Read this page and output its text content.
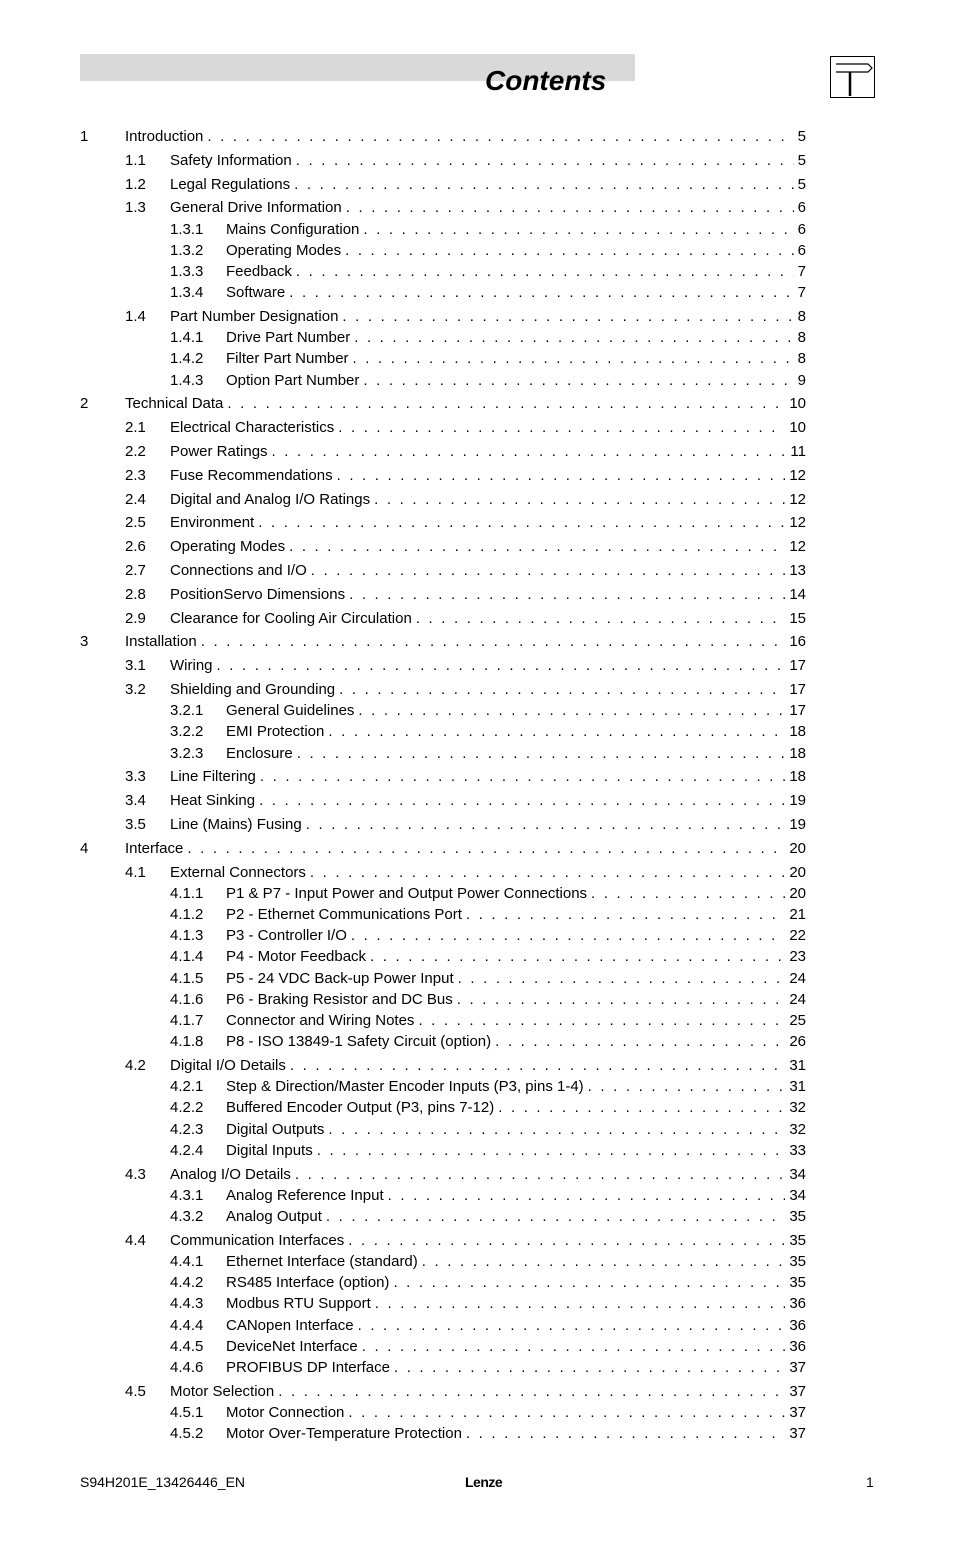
Contents
1 Introduction . . .	5
1.1 Safety Information . . .	5
1.2 Legal Regulations . . .	5
1.3 General Drive Information . . .	6
1.3.1 Mains Configuration . . .	6
1.3.2 Operating Modes . . .	6
1.3.3 Feedback . . .	7
1.3.4 Software . . .	7
1.4 Part Number Designation . . .	8
1.4.1 Drive Part Number . . .	8
1.4.2 Filter Part Number . . .	8
1.4.3 Option Part Number . . .	9
2 Technical Data . . .	10
2.1 Electrical Characteristics . . .	10
2.2 Power Ratings . . .	11
2.3 Fuse Recommendations . . .	12
2.4 Digital and Analog I/O Ratings . . .	12
2.5 Environment . . .	12
2.6 Operating Modes . . .	12
2.7 Connections and I/O . . .	13
2.8 PositionServo Dimensions . . .	14
2.9 Clearance for Cooling Air Circulation . . .	15
3 Installation . . .	16
3.1 Wiring . . .	17
3.2 Shielding and Grounding . . .	17
3.2.1 General Guidelines . . .	17
3.2.2 EMI Protection . . .	18
3.2.3 Enclosure . . .	18
3.3 Line Filtering . . .	18
3.4 Heat Sinking . . .	19
3.5 Line (Mains) Fusing . . .	19
4 Interface . . .	20
4.1 External Connectors . . .	20
4.1.1 P1 & P7 - Input Power and Output Power Connections . . .	20
4.1.2 P2 - Ethernet Communications Port . . .	21
4.1.3 P3 - Controller I/O . . .	22
4.1.4 P4 - Motor Feedback . . .	23
4.1.5 P5 - 24 VDC Back-up Power Input . . .	24
4.1.6 P6 - Braking Resistor and DC Bus . . .	24
4.1.7 Connector and Wiring Notes . . .	25
4.1.8 P8 - ISO 13849-1 Safety Circuit (option) . . .	26
4.2 Digital I/O Details . . .	31
4.2.1 Step & Direction/Master Encoder Inputs (P3, pins 1-4) . . .	31
4.2.2 Buffered Encoder Output (P3, pins 7-12) . . .	32
4.2.3 Digital Outputs . . .	32
4.2.4 Digital Inputs . . .	33
4.3 Analog I/O Details . . .	34
4.3.1 Analog Reference Input . . .	34
4.3.2 Analog Output . . .	35
4.4 Communication Interfaces . . .	35
4.4.1 Ethernet Interface (standard) . . .	35
4.4.2 RS485 Interface (option) . . .	35
4.4.3 Modbus RTU Support . . .	36
4.4.4 CANopen Interface . . .	36
4.4.5 DeviceNet Interface . . .	36
4.4.6 PROFIBUS DP Interface . . .	37
4.5 Motor Selection . . .	37
4.5.1 Motor Connection . . .	37
4.5.2 Motor Over-Temperature Protection . . .	37
S94H201E_13426446_EN	Lenze	1
